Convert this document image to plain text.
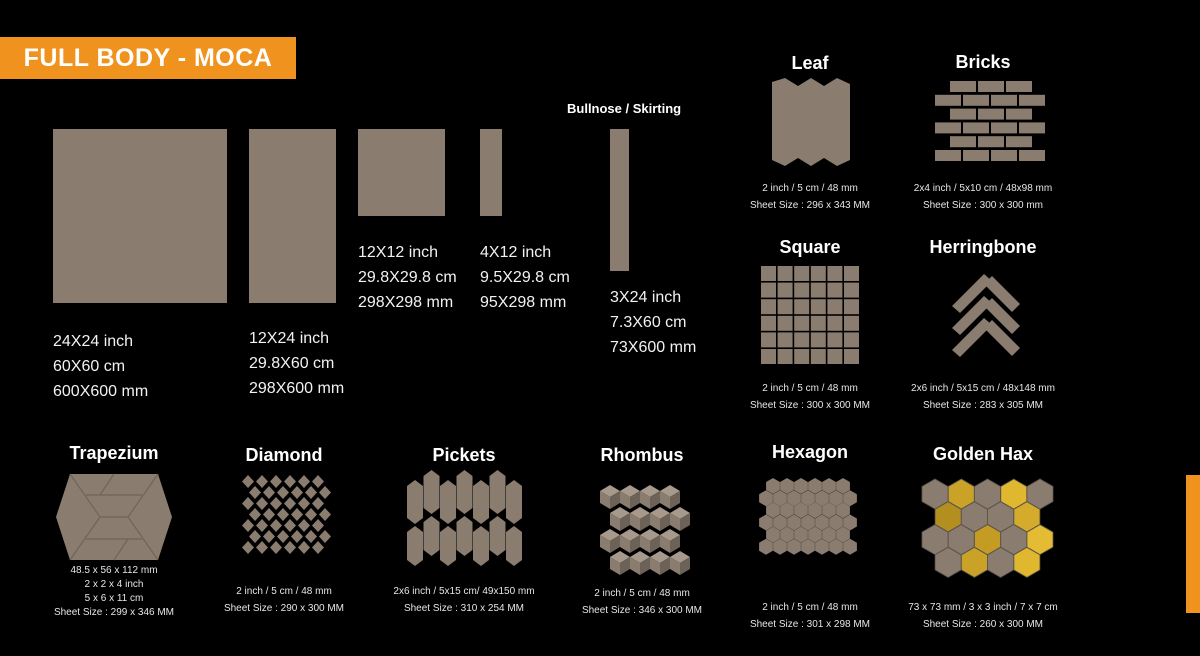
FULL BODY - MOCA
Bullnose / Skirting
24X24 inch
60X60 cm
600X600 mm
12X24 inch
29.8X60 cm
298X600 mm
12X12 inch
29.8X29.8 cm
298X298 mm
4X12 inch
9.5X29.8 cm
95X298 mm	3X24 inch
7.3X60 cm
73X600 mm
Leaf
2 inch / 5 cm / 48 mm
Sheet Size : 296 x 343 MM
Bricks
2x4 inch / 5x10 cm / 48x98 mm
Sheet Size : 300 x 300 mm
Square
2 inch / 5 cm / 48 mm
Sheet Size : 300 x 300 MM
Herringbone
2x6 inch / 5x15 cm / 48x148 mm
Sheet Size : 283 x 305 MM
Trapezium
48.5 x 56 x 112 mm
2 x 2 x 4 inch
5 x 6 x 11 cm
Sheet Size : 299 x 346 MM
Diamond
2 inch / 5 cm / 48 mm
Sheet Size : 290 x 300 MM
Pickets
2x6 inch / 5x15 cm/ 49x150 mm
Sheet Size : 310 x 254 MM
Rhombus
2 inch / 5 cm / 48 mm
Sheet Size : 346 x 300 MM
Hexagon
2 inch / 5 cm / 48 mm
Sheet Size : 301 x 298 MM
Golden Hax
73 x 73 mm / 3 x 3 inch / 7 x 7 cm
Sheet Size : 260 x 300 MM
